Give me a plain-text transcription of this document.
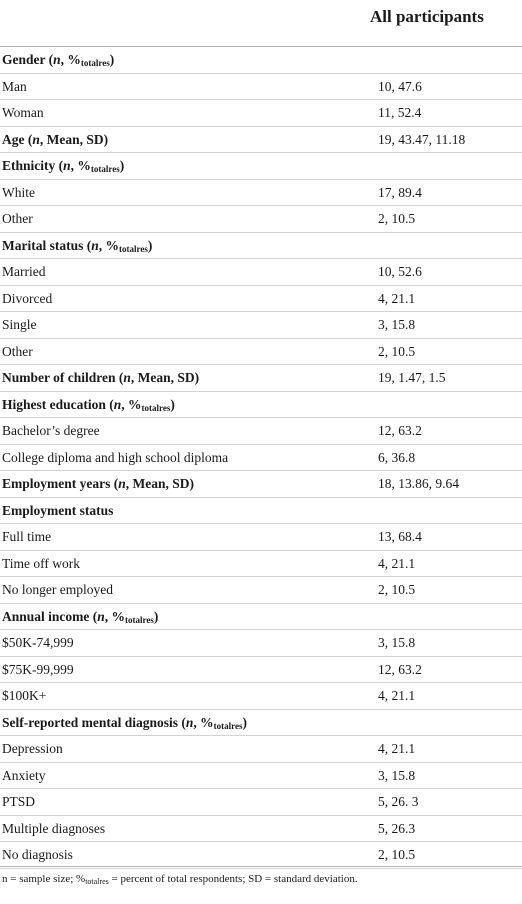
All participants
Gender (n, $\%_{totalres}$)
Man	10, 47.6
Woman	11, 52.4
Age (n, Mean, SD)	19, 43.47, 11.18
Ethnicity (n, $\%_{totalres}$)
White	17, 89.4
Other	2, 10.5
Marital status (n, $\%_{totalres}$)
Married	10, 52.6
Divorced	4, 21.1
Single	3, 15.8
Other	2, 10.5
Number of children (n, Mean, SD)	19, 1.47, 1.5
Highest education (n, $\%_{totalres}$)
Bachelor’s degree	12, 63.2
College diploma and high school diploma	6, 36.8
Employment years (n, Mean, SD)	18, 13.86, 9.64
Employment status
Full time	13, 68.4
Time off work	4, 21.1
No longer employed	2, 10.5
Annual income (n, $\%_{totalres}$)
$50K-74,999	3, 15.8
$75K-99,999	12, 63.2
$100K+	4, 21.1
Self-reported mental diagnosis (n, $\%_{totalres}$)
Depression	4, 21.1
Anxiety	3, 15.8
PTSD	5, 26. 3
Multiple diagnoses	5, 26.3
No diagnosis	2, 10.5
n = sample size; $\%_{totalres}$ = percent of total respondents; SD = standard deviation.
